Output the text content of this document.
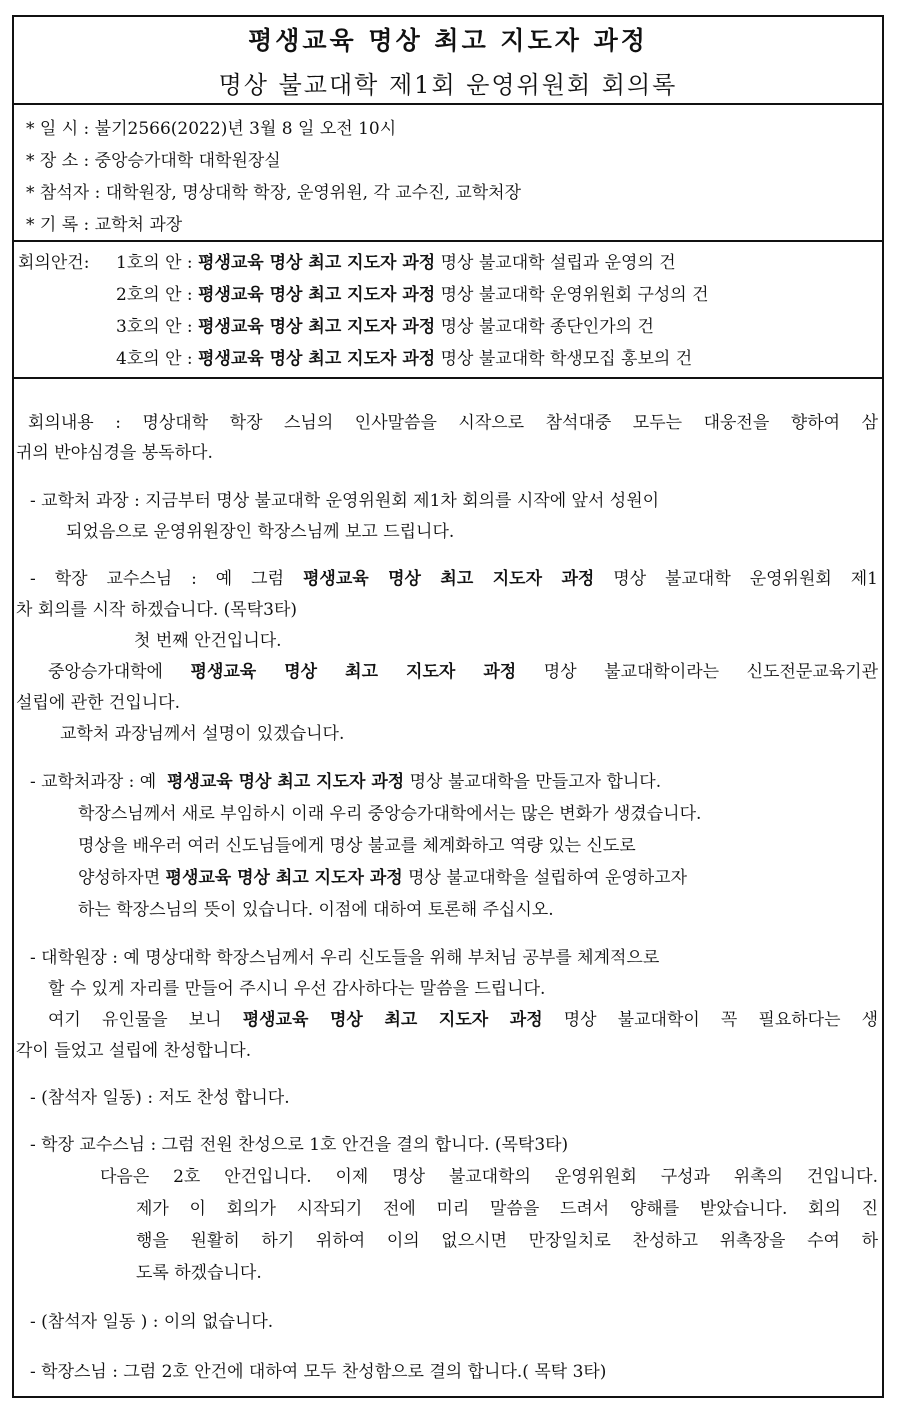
평생교육 명상 최고 지도자 과정
명상 불교대학 제1회 운영위원회 회의록
* 일 시 : 불기2566(2022)년 3월 8 일 오전 10시
* 장 소 : 중앙승가대학 대학원장실
* 참석자 : 대학원장, 명상대학 학장, 운영위원, 각 교수진, 교학처장
* 기 록 : 교학처 과장
회의안건: 1호의 안 : 평생교육 명상 최고 지도자 과정 명상 불교대학 설립과 운영의 건
2호의 안 : 평생교육 명상 최고 지도자 과정 명상 불교대학 운영위원회 구성의 건
3호의 안 : 평생교육 명상 최고 지도자 과정 명상 불교대학 종단인가의 건
4호의 안 : 평생교육 명상 최고 지도자 과정 명상 불교대학 학생모집 홍보의 건
회의내용 : 명상대학 학장 스님의 인사말씀을 시작으로 참석대중 모두는 대웅전을 향하여 삼
귀의 반야심경을 봉독하다.
- 교학처 과장 : 지금부터 명상 불교대학 운영위원회 제1차 회의를 시작에 앞서 성원이
되었음으로 운영위원장인 학장스님께 보고 드립니다.
- 학장 교수스님 : 예 그럼 평생교육 명상 최고 지도자 과정 명상 불교대학 운영위원회 제1
차 회의를 시작 하겠습니다. (목탁3타)
첫 번째 안건입니다.
중앙승가대학에 평생교육 명상 최고 지도자 과정 명상 불교대학이라는 신도전문교육기관
설립에 관한 건입니다.
교학처 과장님께서 설명이 있겠습니다.
- 교학처과장 : 예 평생교육 명상 최고 지도자 과정 명상 불교대학을 만들고자 합니다.
학장스님께서 새로 부임하시 이래 우리 중앙승가대학에서는 많은 변화가 생겼습니다.
명상을 배우러 여러 신도님들에게 명상 불교를 체계화하고 역량 있는 신도로
양성하자면 평생교육 명상 최고 지도자 과정 명상 불교대학을 설립하여 운영하고자
하는 학장스님의 뜻이 있습니다. 이점에 대하여 토론해 주십시오.
- 대학원장 : 예 명상대학 학장스님께서 우리 신도들을 위해 부처님 공부를 체계적으로
할 수 있게 자리를 만들어 주시니 우선 감사하다는 말씀을 드립니다.
여기 유인물을 보니 평생교육 명상 최고 지도자 과정 명상 불교대학이 꼭 필요하다는 생
각이 들었고 설립에 찬성합니다.
- (참석자 일동) : 저도 찬성 합니다.
- 학장 교수스님 : 그럼 전원 찬성으로 1호 안건을 결의 합니다. (목탁3타)
다음은 2호 안건입니다. 이제 명상 불교대학의 운영위원회 구성과 위촉의 건입니다.
제가 이 회의가 시작되기 전에 미리 말씀을 드려서 양해를 받았습니다. 회의 진
행을 원활히 하기 위하여 이의 없으시면 만장일치로 찬성하고 위촉장을 수여 하
도록 하겠습니다.
- (참석자 일동 ) : 이의 없습니다.
- 학장스님 : 그럼 2호 안건에 대하여 모두 찬성함으로 결의 합니다.( 목탁 3타)
